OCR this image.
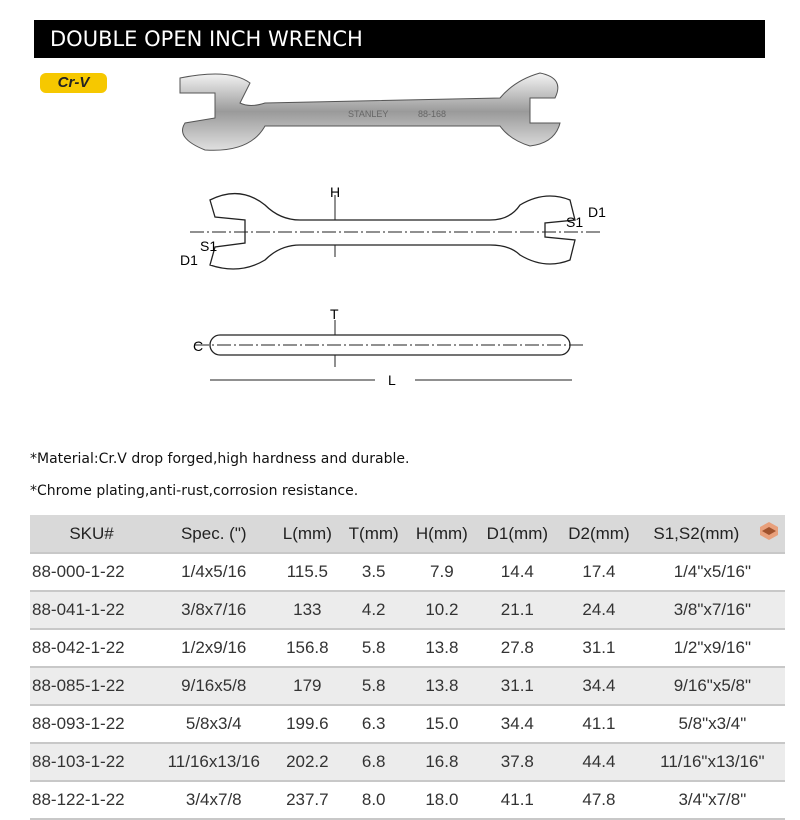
DOUBLE OPEN INCH WRENCH
Cr-V
STANLEY	88-168
H
S1
D1
S1
D1
T
C
L
*Material:Cr.V drop forged,high hardness and durable.
*Chrome plating,anti-rust,corrosion resistance.
SKU#	Spec. (")	L(mm)	T(mm)	H(mm)	D1(mm)	D2(mm)	S1,S2(mm)	
88-000-1-22	1/4x5/16	115.5	3.5	7.9	14.4	17.4	1/4"x5/16"	
88-041-1-22	3/8x7/16	133	4.2	10.2	21.1	24.4	3/8"x7/16"	
88-042-1-22	1/2x9/16	156.8	5.8	13.8	27.8	31.1	1/2"x9/16"	
88-085-1-22	9/16x5/8	179	5.8	13.8	31.1	34.4	9/16"x5/8"	
88-093-1-22	5/8x3/4	199.6	6.3	15.0	34.4	41.1	5/8"x3/4"	
88-103-1-22	11/16x13/16	202.2	6.8	16.8	37.8	44.4	11/16"x13/16"	
88-122-1-22	3/4x7/8	237.7	8.0	18.0	41.1	47.8	3/4"x7/8"	
